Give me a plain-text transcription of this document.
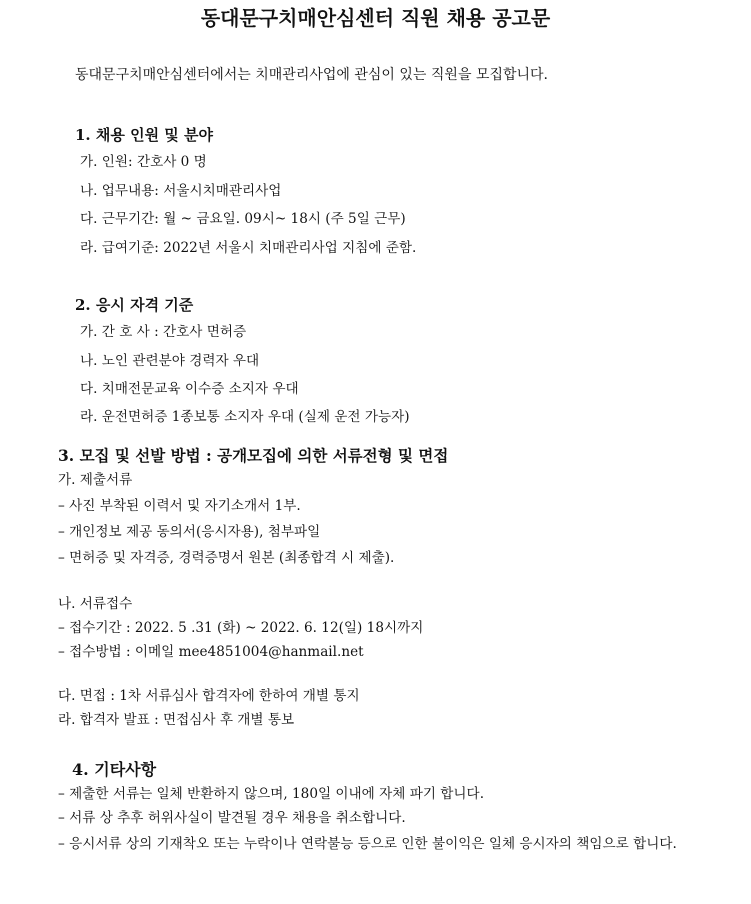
동대문구치매안심센터 직원 채용 공고문
동대문구치매안심센터에서는 치매관리사업에 관심이 있는 직원을 모집합니다.
1. 채용 인원 및 분야
가. 인원: 간호사 0 명
나. 업무내용: 서울시치매관리사업
다. 근무기간: 월 ~ 금요일. 09시~ 18시 (주 5일 근무)
라. 급여기준: 2022년 서울시 치매관리사업 지침에 준함.
2. 응시 자격 기준
가. 간 호 사 : 간호사 면허증
나. 노인 관련분야 경력자 우대
다. 치매전문교육 이수증 소지자 우대
라. 운전면허증 1종보통 소지자 우대 (실제 운전 가능자)
3. 모집 및 선발 방법 : 공개모집에 의한 서류전형 및 면접
가. 제출서류
– 사진 부착된 이력서 및 자기소개서 1부.
– 개인정보 제공 동의서(응시자용), 첨부파일
– 면허증 및 자격증, 경력증명서 원본 (최종합격 시 제출).
나. 서류접수
– 접수기간 : 2022. 5 .31 (화) ~ 2022. 6. 12(일) 18시까지
– 접수방법 : 이메일 mee4851004@hanmail.net
다. 면접 : 1차 서류심사 합격자에 한하여 개별 통지
라. 합격자 발표 : 면접심사 후 개별 통보
4. 기타사항
– 제출한 서류는 일체 반환하지 않으며, 180일 이내에 자체 파기 합니다.
– 서류 상 추후 허위사실이 발견될 경우 채용을 취소합니다.
– 응시서류 상의 기재착오 또는 누락이나 연락불능 등으로 인한 불이익은 일체 응시자의 책임으로 합니다.
